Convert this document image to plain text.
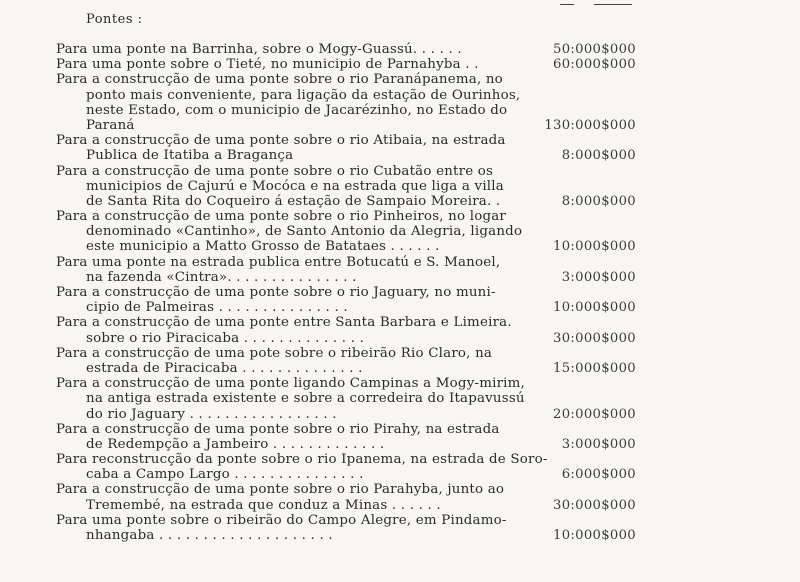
Pontes :
Para uma ponte na Barrinha, sobre o Mogy-Guassú. . . . . .	50:000$000
Para uma ponte sobre o Tieté, no municipio de Parnahyba . .	60:000$000
Para a construcção de uma ponte sobre o rio Paranápanema, no
ponto mais conveniente, para ligação da estação de Ourinhos,
neste Estado, com o municipio de Jacarézinho, no Estado do
Paraná	130:000$000
Para a construcção de uma ponte sobre o rio Atibaia, na estrada
Publica de Itatiba a Bragança	8:000$000
Para a construcção de uma ponte sobre o rio Cubatão entre os
municipios de Cajurú e Mocóca e na estrada que liga a villa
de Santa Rita do Coqueiro á estação de Sampaio Moreira. .	8:000$000
Para a construcção de uma ponte sobre o rio Pinheiros, no logar
denominado «Cantinho», de Santo Antonio da Alegria, ligando
este municipio a Matto Grosso de Batataes . . . . . .	10:000$000
Para uma ponte na estrada publica entre Botucatú e S. Manoel,
na fazenda «Cintra». . . . . . . . . . . . . . .	3:000$000
Para a construcção de uma ponte sobre o rio Jaguary, no muni-
cipio de Palmeiras . . . . . . . . . . . . . . .	10:000$000
Para a construcção de uma ponte entre Santa Barbara e Limeira.
sobre o rio Piracicaba . . . . . . . . . . . . . .	30:000$000
Para a construcção de uma pote sobre o ribeirão Rio Claro, na
estrada de Piracicaba . . . . . . . . . . . . . .	15:000$000
Para a construcção de uma ponte ligando Campinas a Mogy-mirim,
na antiga estrada existente e sobre a corredeira do Itapavussú
do rio Jaguary . . . . . . . . . . . . . . . . .	20:000$000
Para a construcção de uma ponte sobre o rio Pirahy, na estrada
de Redempção a Jambeiro . . . . . . . . . . . . .	3:000$000
Para reconstrucção da ponte sobre o rio Ipanema, na estrada de Soro-
caba a Campo Largo . . . . . . . . . . . . . . .	6:000$000
Para a construcção de uma ponte sobre o rio Parahyba, junto ao
Tremembé, na estrada que conduz a Minas . . . . . .	30:000$000
Para uma ponte sobre o ribeirão do Campo Alegre, em Pindamo-
nhangaba . . . . . . . . . . . . . . . . . . . .	10:000$000
